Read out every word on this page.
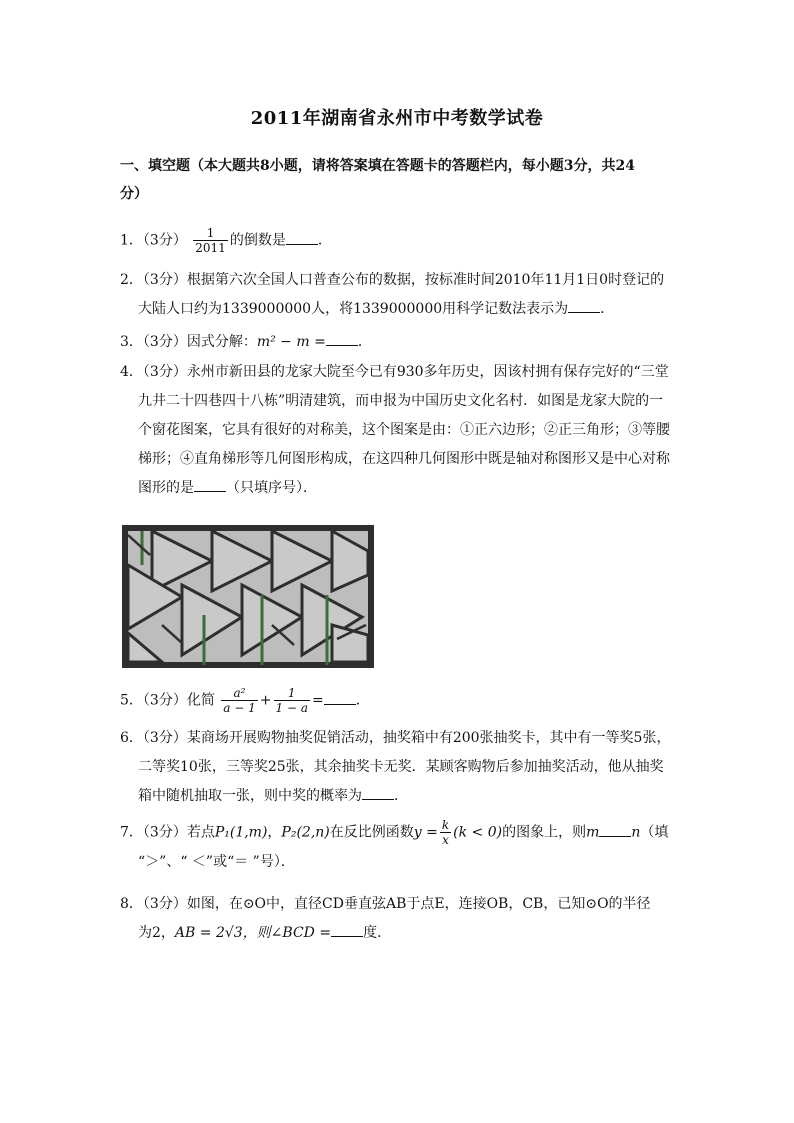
2011年湖南省永州市中考数学试卷
一、填空题（本大题共8小题，请将答案填在答题卡的答题栏内，每小题3分，共24
分）
1．（3分） $\frac{1}{2011}$ 的倒数是 ．
2．（3分）根据第六次全国人口普查公布的数据，按标准时间2010年11月1日0时登记的
大陆人口约为1339000000人，将1339000000用科学记数法表示为 ．
3．（3分）因式分解：m² − m = ．
4．（3分）永州市新田县的龙家大院至今已有930多年历史，因该村拥有保存完好的“三堂
九井二十四巷四十八栋”明清建筑，而申报为中国历史文化名村．如图是龙家大院的一
个窗花图案，它具有很好的对称美，这个图案是由：①正六边形；②正三角形；③等腰
梯形；④直角梯形等几何图形构成，在这四种几何图形中既是轴对称图形又是中心对称
图形的是 （只填序号）．
5．（3分）化简 $\frac{\text{a²}}{a - 1} + \frac{1}{1 - a}$ = ．
6．（3分）某商场开展购物抽奖促销活动，抽奖箱中有200张抽奖卡，其中有一等奖5张，
二等奖10张，三等奖25张，其余抽奖卡无奖．某顾客购物后参加抽奖活动，他从抽奖
箱中随机抽取一张，则中奖的概率为 ．
7．（3分）若点P₁(1,m)，P₂(2,n)在反比例函数$y = \frac{k}{x} (k < 0)$的图象上，则m n（填
“＞”、“ ＜”或“＝ ”号）．
8．（3分）如图，在⊙O中，直径CD垂直弦AB于点E，连接OB，CB，已知⊙O的半径
为2，AB = 2√3，则∠BCD = 度．
